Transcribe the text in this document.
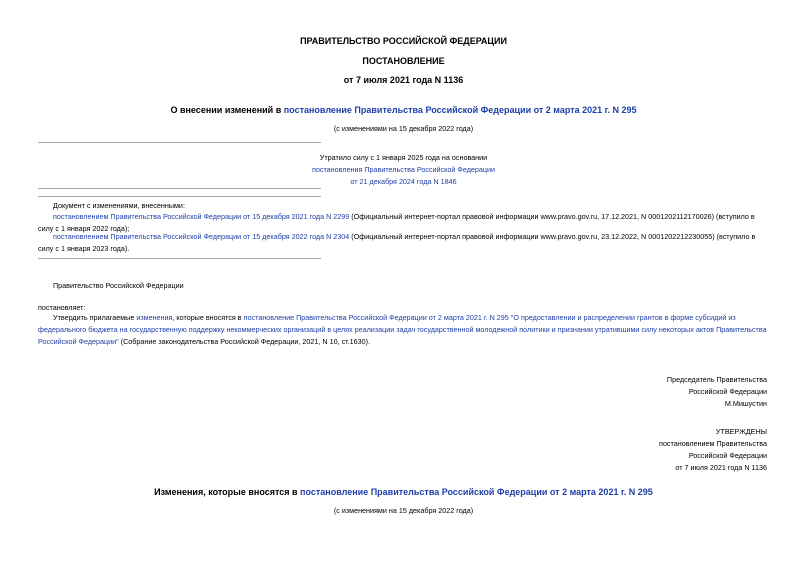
ПРАВИТЕЛЬСТВО РОССИЙСКОЙ ФЕДЕРАЦИИ
ПОСТАНОВЛЕНИЕ
от 7 июля 2021 года N 1136
О внесении изменений в постановление Правительства Российской Федерации от 2 марта 2021 г. N 295
(с изменениями на 15 декабря 2022 года)
Утратило силу с 1 января 2025 года на основании
постановления Правительства Российской Федерации
от 21 декабря 2024 года N 1846
Документ с изменениями, внесенными:
постановлением Правительства Российской Федерации от 15 декабря 2021 года N 2299 (Официальный интернет-портал правовой информации www.pravo.gov.ru, 17.12.2021, N 0001202112170026) (вступило в
силу с 1 января 2022 года);
постановлением Правительства Российской Федерации от 15 декабря 2022 года N 2304 (Официальный интернет-портал правовой информации www.pravo.gov.ru, 23.12.2022, N 0001202212230055) (вступило в
силу с 1 января 2023 года).
Правительство Российской Федерации
постановляет:
Утвердить прилагаемые изменения, которые вносятся в постановление Правительства Российской Федерации от 2 марта 2021 г. N 295 "О предоставлении и распределении грантов в форме субсидий из
федерального бюджета на государственную поддержку некоммерческих организаций в целях реализации задач государственной молодежной политики и признании утратившими силу некоторых актов Правительства
Российской Федерации" (Собрание законодательства Российской Федерации, 2021, N 10, ст.1630).
Председатель Правительства
Российской Федерации
М.Мишустин
УТВЕРЖДЕНЫ
постановлением Правительства
Российской Федерации
от 7 июля 2021 года N 1136
Изменения, которые вносятся в постановление Правительства Российской Федерации от 2 марта 2021 г. N 295
(с изменениями на 15 декабря 2022 года)
